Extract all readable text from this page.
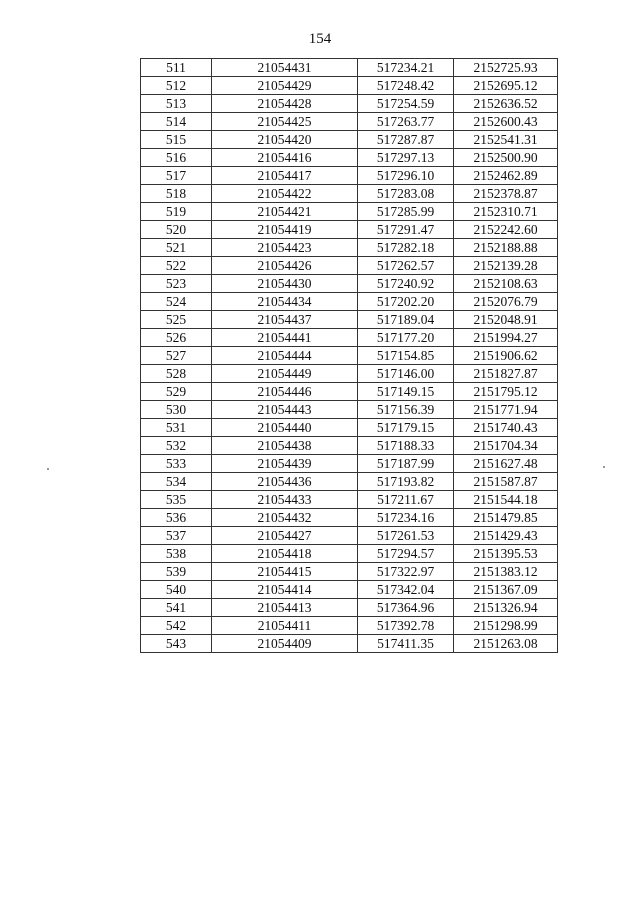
154
511	21054431	517234.21	2152725.93
512	21054429	517248.42	2152695.12
513	21054428	517254.59	2152636.52
514	21054425	517263.77	2152600.43
515	21054420	517287.87	2152541.31
516	21054416	517297.13	2152500.90
517	21054417	517296.10	2152462.89
518	21054422	517283.08	2152378.87
519	21054421	517285.99	2152310.71
520	21054419	517291.47	2152242.60
521	21054423	517282.18	2152188.88
522	21054426	517262.57	2152139.28
523	21054430	517240.92	2152108.63
524	21054434	517202.20	2152076.79
525	21054437	517189.04	2152048.91
526	21054441	517177.20	2151994.27
527	21054444	517154.85	2151906.62
528	21054449	517146.00	2151827.87
529	21054446	517149.15	2151795.12
530	21054443	517156.39	2151771.94
531	21054440	517179.15	2151740.43
532	21054438	517188.33	2151704.34
533	21054439	517187.99	2151627.48
534	21054436	517193.82	2151587.87
535	21054433	517211.67	2151544.18
536	21054432	517234.16	2151479.85
537	21054427	517261.53	2151429.43
538	21054418	517294.57	2151395.53
539	21054415	517322.97	2151383.12
540	21054414	517342.04	2151367.09
541	21054413	517364.96	2151326.94
542	21054411	517392.78	2151298.99
543	21054409	517411.35	2151263.08
